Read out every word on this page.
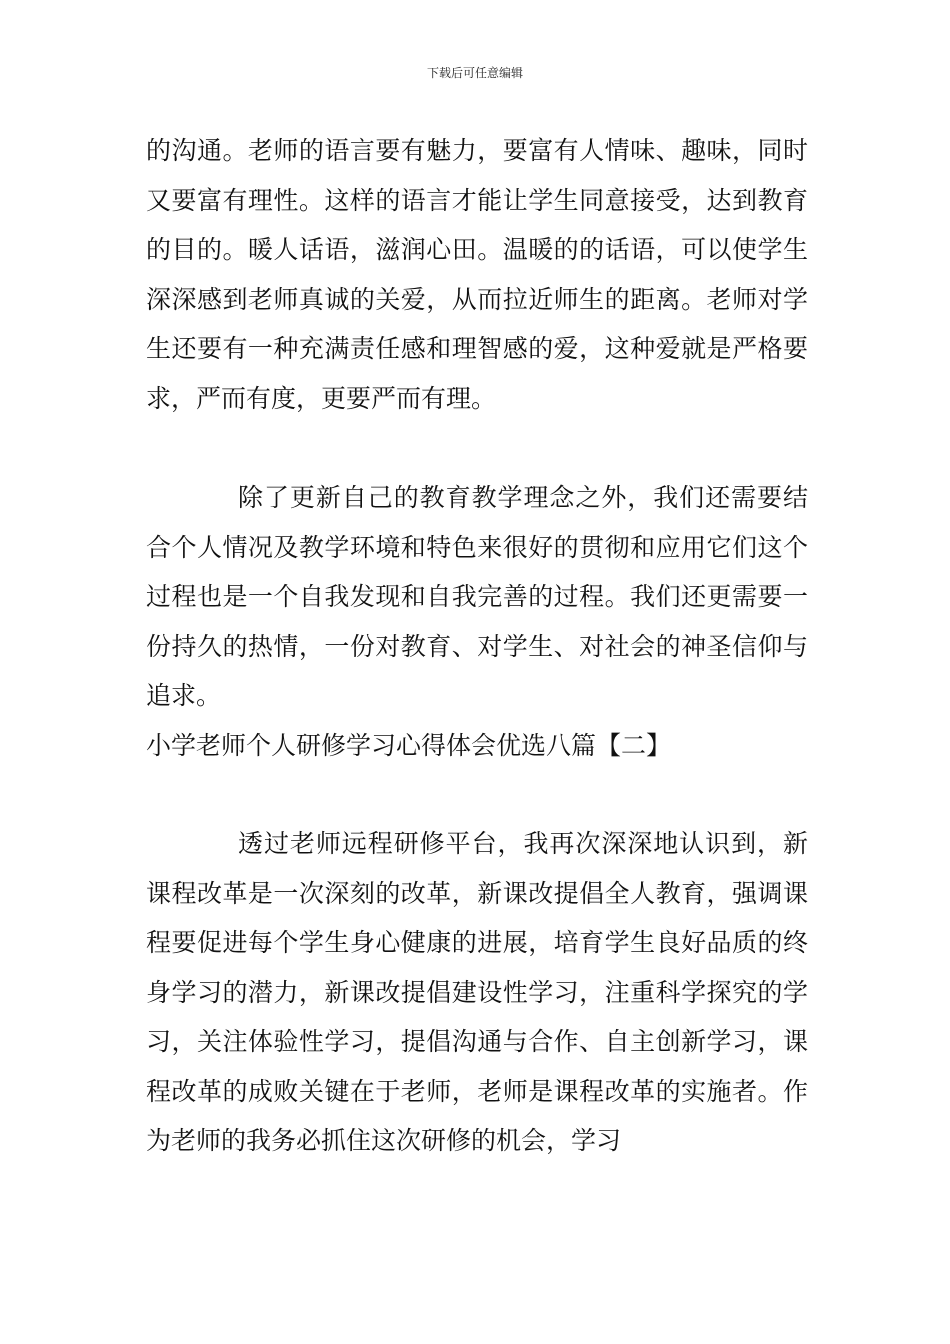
下载后可任意编辑

的沟通。老师的语言要有魅力，要富有人情味、趣味，同时又要富有理性。这样的语言才能让学生同意接受，达到教育的目的。暖人话语，滋润心田。温暖的的话语，可以使学生深深感到老师真诚的关爱，从而拉近师生的距离。老师对学生还要有一种充满责任感和理智感的爱，这种爱就是严格要求，严而有度，更要严而有理。

除了更新自己的教育教学理念之外，我们还需要结合个人情况及教学环境和特色来很好的贯彻和应用它们这个过程也是一个自我发现和自我完善的过程。我们还更需要一份持久的热情，一份对教育、对学生、对社会的神圣信仰与追求。

小学老师个人研修学习心得体会优选八篇【二】

透过老师远程研修平台，我再次深深地认识到，新课程改革是一次深刻的改革，新课改提倡全人教育，强调课程要促进每个学生身心健康的进展，培育学生良好品质的终身学习的潜力，新课改提倡建设性学习，注重科学探究的学习，关注体验性学习，提倡沟通与合作、自主创新学习，课程改革的成败关键在于老师，老师是课程改革的实施者。作为老师的我务必抓住这次研修的机会，学习
